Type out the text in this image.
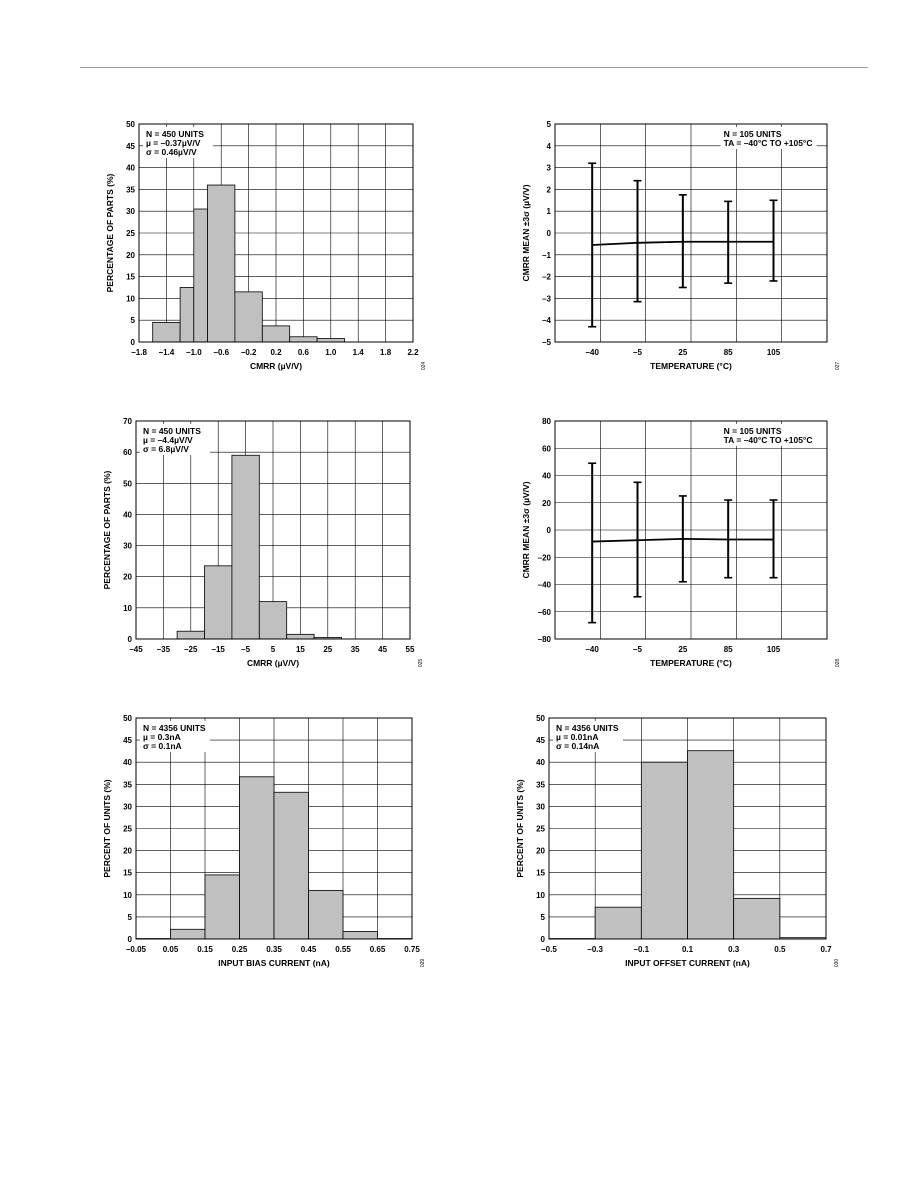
0
5
10
15
20
25
30
35
40
45
50
−1.8 −1.4 −1.0 −0.6 −0.2 0.2 0.6 1.0 1.4 1.8 2.2
N = 450 UNITS
µ = –0.37µV/V
σ = 0.46µV/V
CMRR (µV/V)
PERCENTAGE OF PARTS (%)
024
–5
–4
–3
–2
–1
0
1
2
3
4
5
−40	–5	25	85	105
N = 105 UNITS
TA = –40°C TO +105°C
TEMPERATURE (°C)
CMRR MEAN ±3σ (µV/V)
027
0
10
20
30
40
50
60
70
–45 –35 –25 –15 –5	5	15 25 35 45 55
N = 450 UNITS
µ = –4.4µV/V
σ = 6.8µV/V
CMRR (µV/V)
PERCENTAGE OF PARTS (%)
025
–80
–60
–40
–20
0
20
40
60
80
–40	–5	25	85	105
N = 105 UNITS
TA = –40°C TO +105°C
TEMPERATURE (°C)
CMRR MEAN ±3σ (µV/V)
028
0
5
10
15
20
25
30
35
40
45
50
–0.05 0.05 0.15 0.25 0.35 0.45 0.55 0.65 0.75
N = 4356 UNITS
µ = 0.3nA
σ = 0.1nA
INPUT BIAS CURRENT (nA)
PERCENT OF UNITS (%)
029
0
5
10
15
20
25
30
35
40
45
50
–0.5	–0.3	–0.1	0.1	0.3	0.5	0.7
N = 4356 UNITS
µ = 0.01nA
σ = 0.14nA
INPUT OFFSET CURRENT (nA)
PERCENT OF UNITS (%)
030
